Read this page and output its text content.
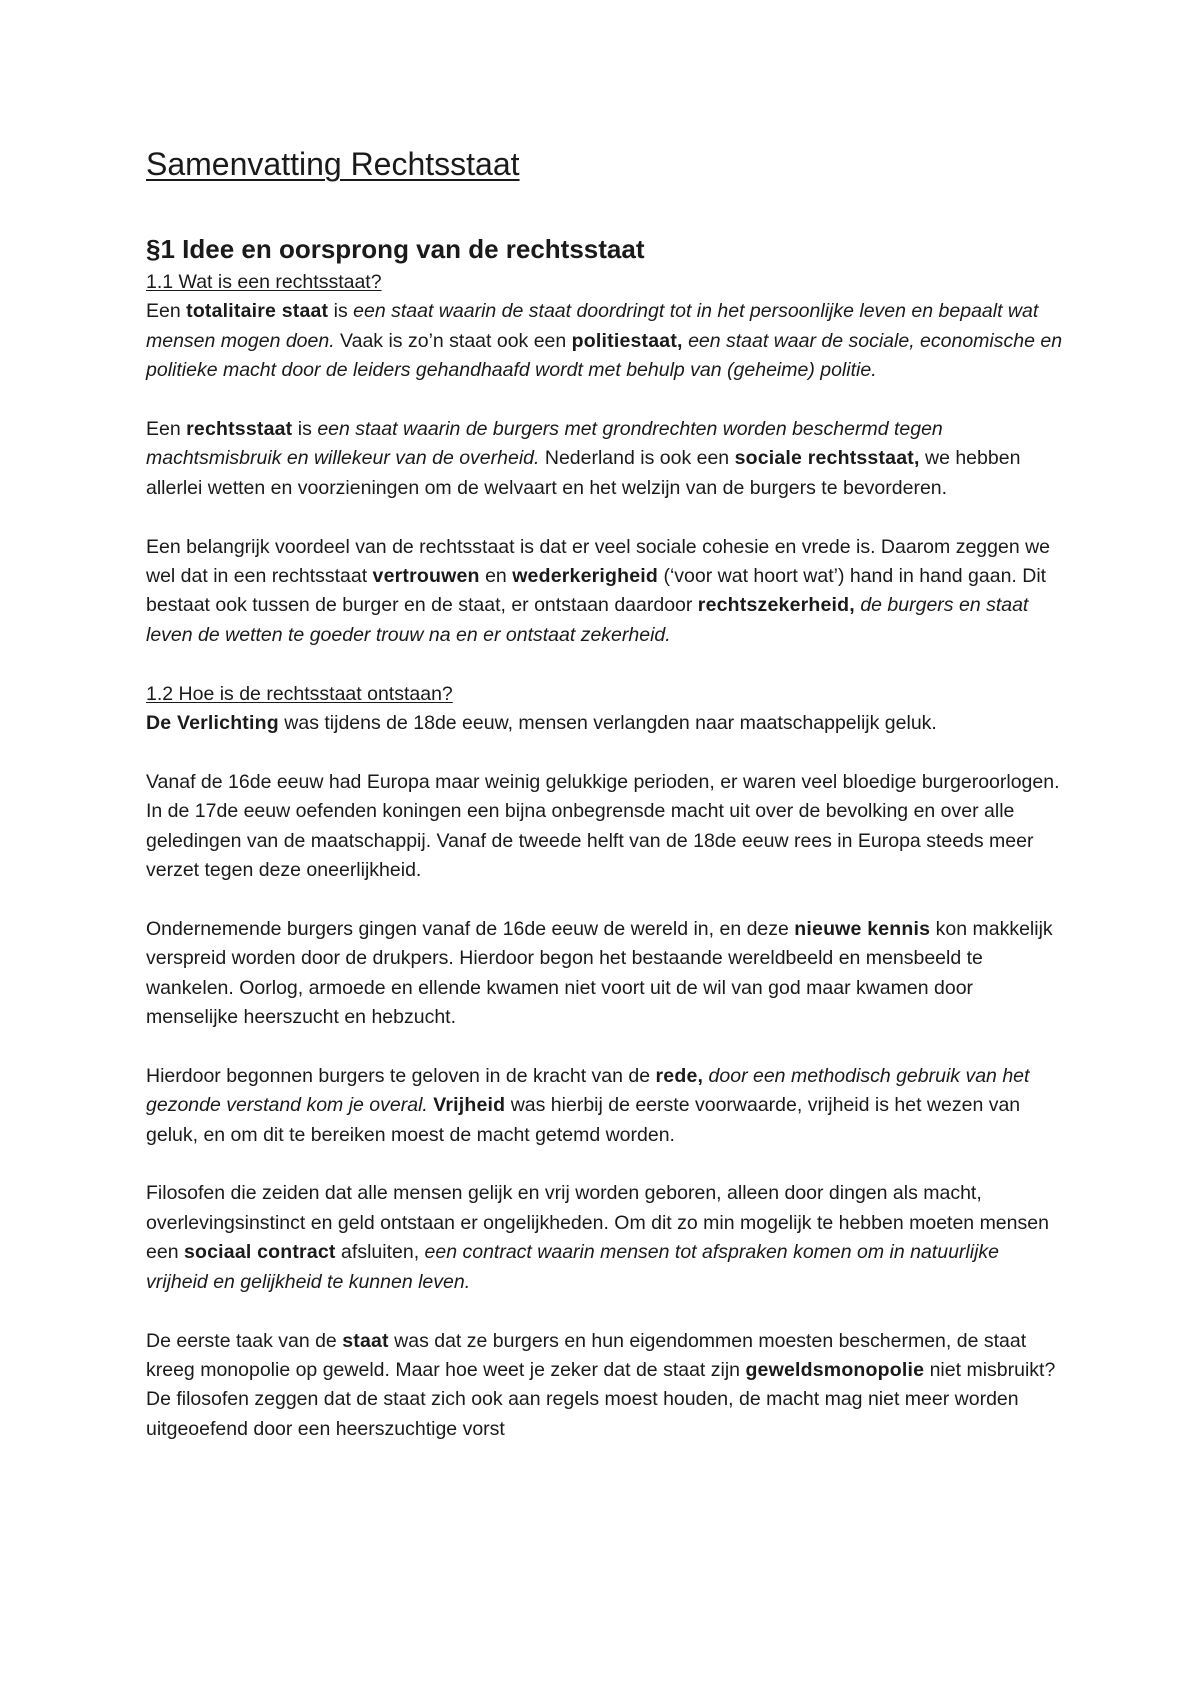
Samenvatting Rechtsstaat
§1 Idee en oorsprong van de rechtsstaat
1.1 Wat is een rechtsstaat?

Een totalitaire staat is een staat waarin de staat doordringt tot in het persoonlijke leven en bepaalt wat mensen mogen doen. Vaak is zo’n staat ook een politiestaat, een staat waar de sociale, economische en politieke macht door de leiders gehandhaafd wordt met behulp van (geheime) politie.

Een rechtsstaat is een staat waarin de burgers met grondrechten worden beschermd tegen machtsmisbruik en willekeur van de overheid. Nederland is ook een sociale rechtsstaat, we hebben allerlei wetten en voorzieningen om de welvaart en het welzijn van de burgers te bevorderen.

Een belangrijk voordeel van de rechtsstaat is dat er veel sociale cohesie en vrede is. Daarom zeggen we wel dat in een rechtsstaat vertrouwen en wederkerigheid (‘voor wat hoort wat’) hand in hand gaan. Dit bestaat ook tussen de burger en de staat, er ontstaan daardoor rechtszekerheid, de burgers en staat leven de wetten te goeder trouw na en er ontstaat zekerheid.

1.2 Hoe is de rechtsstaat ontstaan?

De Verlichting was tijdens de 18de eeuw, mensen verlangden naar maatschappelijk geluk.

Vanaf de 16de eeuw had Europa maar weinig gelukkige perioden, er waren veel bloedige burgeroorlogen. In de 17de eeuw oefenden koningen een bijna onbegrensde macht uit over de bevolking en over alle geledingen van de maatschappij. Vanaf de tweede helft van de 18de eeuw rees in Europa steeds meer verzet tegen deze oneerlijkheid.

Ondernemende burgers gingen vanaf de 16de eeuw de wereld in, en deze nieuwe kennis kon makkelijk verspreid worden door de drukpers. Hierdoor begon het bestaande wereldbeeld en mensbeeld te wankelen. Oorlog, armoede en ellende kwamen niet voort uit de wil van god maar kwamen door menselijke heerszucht en hebzucht.

Hierdoor begonnen burgers te geloven in de kracht van de rede, door een methodisch gebruik van het gezonde verstand kom je overal. Vrijheid was hierbij de eerste voorwaarde, vrijheid is het wezen van geluk, en om dit te bereiken moest de macht getemd worden.

Filosofen die zeiden dat alle mensen gelijk en vrij worden geboren, alleen door dingen als macht, overlevingsinstinct en geld ontstaan er ongelijkheden. Om dit zo min mogelijk te hebben moeten mensen een sociaal contract afsluiten, een contract waarin mensen tot afspraken komen om in natuurlijke vrijheid en gelijkheid te kunnen leven.

De eerste taak van de staat was dat ze burgers en hun eigendommen moesten beschermen, de staat kreeg monopolie op geweld. Maar hoe weet je zeker dat de staat zijn geweldsmonopolie niet misbruikt? De filosofen zeggen dat de staat zich ook aan regels moest houden, de macht mag niet meer worden uitgeoefend door een heerszuchtige vorst
